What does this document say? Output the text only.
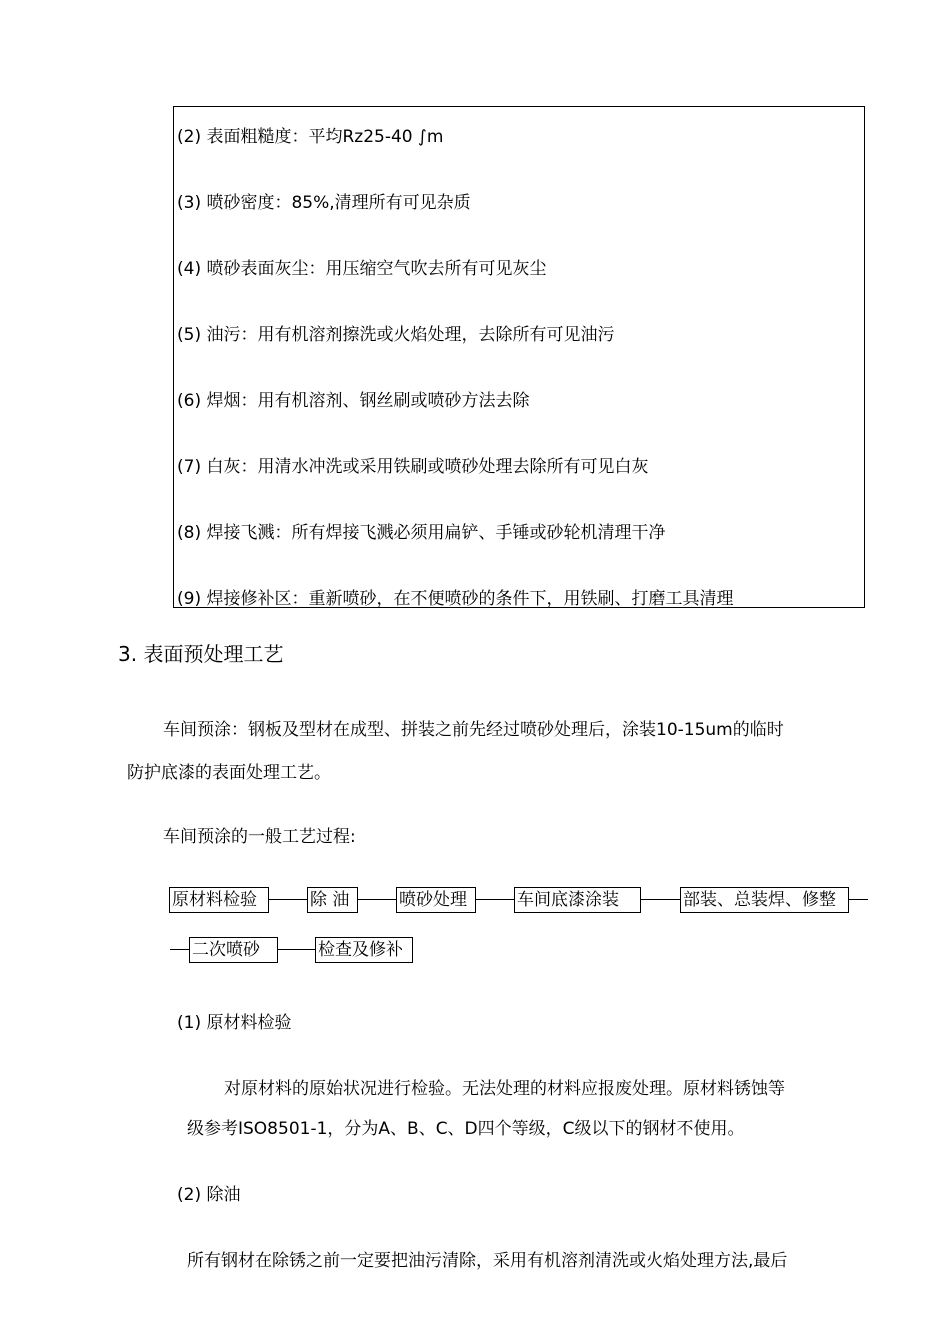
(2) 表面粗糙度：平均Rz25-40 ∫m
(3) 喷砂密度：85%,清理所有可见杂质
(4) 喷砂表面灰尘：用压缩空气吹去所有可见灰尘
(5) 油污：用有机溶剂擦洗或火焰处理，去除所有可见油污
(6) 焊烟：用有机溶剂、钢丝刷或喷砂方法去除
(7) 白灰：用清水冲洗或采用铁刷或喷砂处理去除所有可见白灰
(8) 焊接飞溅：所有焊接飞溅必须用扁铲、手锤或砂轮机清理干净
(9) 焊接修补区：重新喷砂，在不便喷砂的条件下，用铁刷、打磨工具清理
3. 表面预处理工艺
车间预涂：钢板及型材在成型、拼装之前先经过喷砂处理后，涂装10-15um的临时
防护底漆的表面处理工艺。
车间预涂的一般工艺过程:
原材料检验	除 油	喷砂处理	车间底漆涂装	部装、总装焊、修整
二次喷砂	检查及修补
(1) 原材料检验
对原材料的原始状况进行检验。无法处理的材料应报废处理。原材料锈蚀等
级参考ISO8501-1，分为A、B、C、D四个等级，C级以下的钢材不使用。
(2) 除油
所有钢材在除锈之前一定要把油污清除，采用有机溶剂清洗或火焰处理方法,最后
